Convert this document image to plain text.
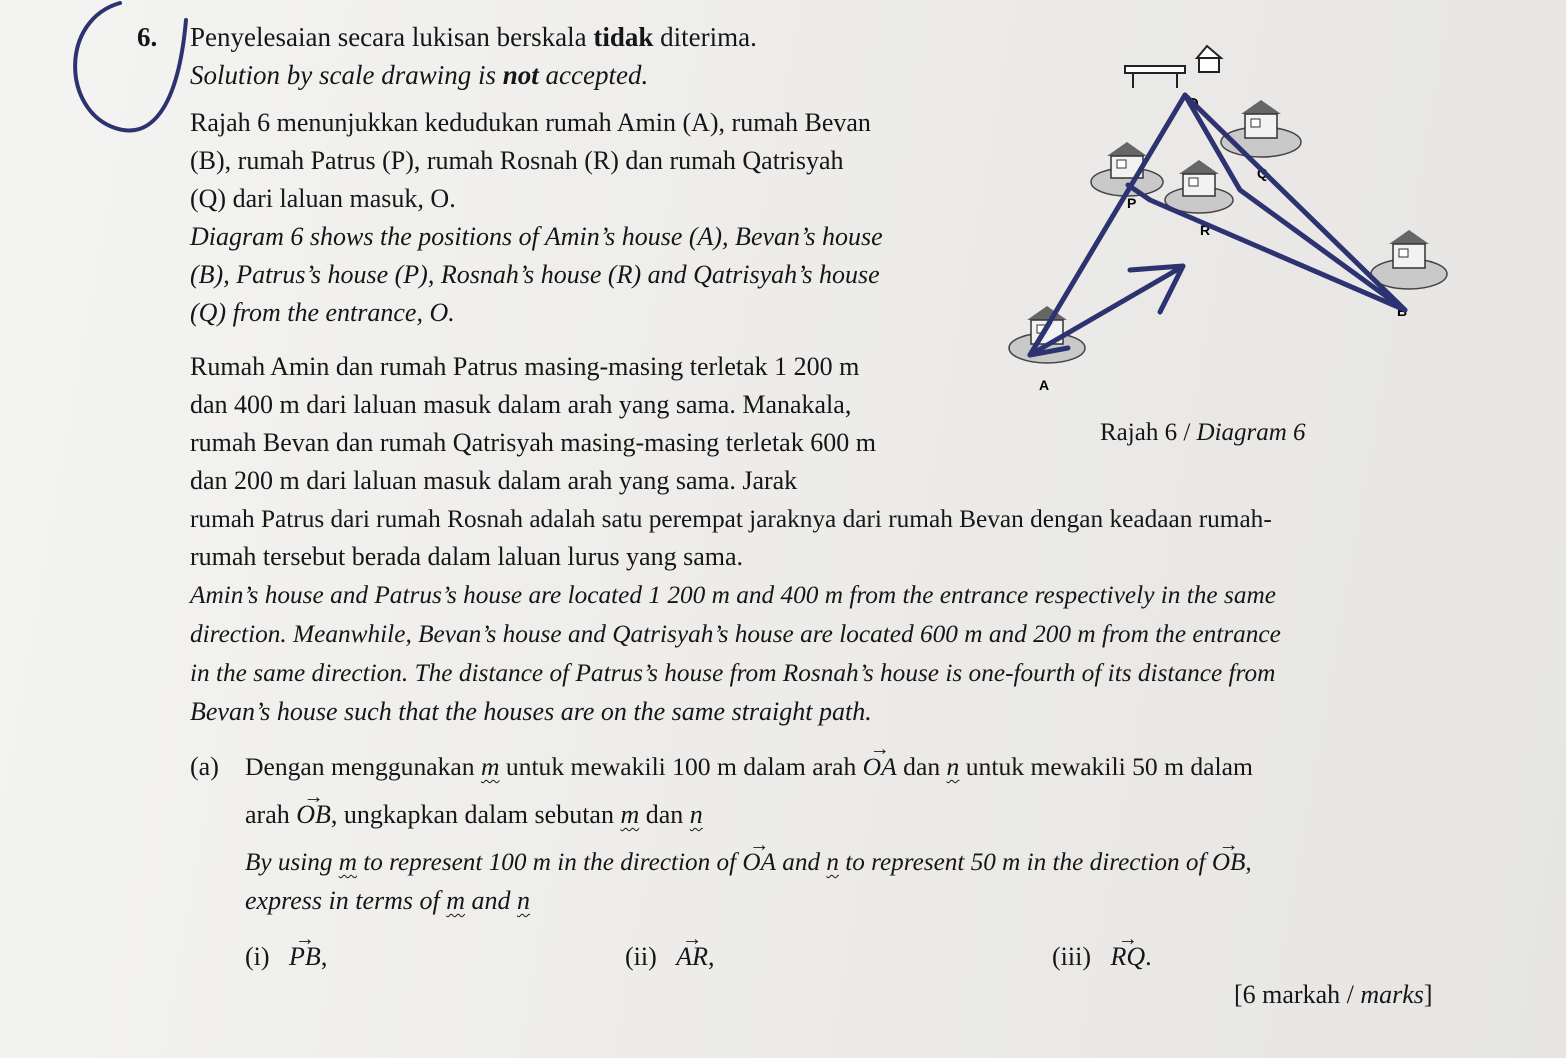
6. Penyelesaian secara lukisan berskala tidak diterima.
Solution by scale drawing is not accepted.
Rajah 6 menunjukkan kedudukan rumah Amin (A), rumah Bevan
(B), rumah Patrus (P), rumah Rosnah (R) dan rumah Qatrisyah
(Q) dari laluan masuk, O.
Diagram 6 shows the positions of Amin’s house (A), Bevan’s house
(B), Patrus’s house (P), Rosnah’s house (R) and Qatrisyah’s house
(Q) from the entrance, O.
Rumah Amin dan rumah Patrus masing-masing terletak 1 200 m
dan 400 m dari laluan masuk dalam arah yang sama. Manakala,
rumah Bevan dan rumah Qatrisyah masing-masing terletak 600 m
dan 200 m dari laluan masuk dalam arah yang sama. Jarak
rumah Patrus dari rumah Rosnah adalah satu perempat jaraknya dari rumah Bevan dengan keadaan rumah-
rumah tersebut berada dalam laluan lurus yang sama.
Amin’s house and Patrus’s house are located 1 200 m and 400 m from the entrance respectively in the same
direction. Meanwhile, Bevan’s house and Qatrisyah’s house are located 600 m and 200 m from the entrance
in the same direction. The distance of Patrus’s house from Rosnah’s house is one-fourth of its distance from
Bevan’s house such that the houses are on the same straight path.
(a) Dengan menggunakan m untuk mewakili 100 m dalam arah → OA dan n untuk mewakili 50 m dalam
arah → OB, ungkapkan dalam sebutan m dan n
By using m to represent 100 m in the direction of → OA and n to represent 50 m in the direction of → OB,
express in terms of m and n
(i) → PB,	(ii) → AR,	(iii) → RQ.
[6 markah / marks]
O
P
R
Q
B
A
Rajah 6 / Diagram 6
